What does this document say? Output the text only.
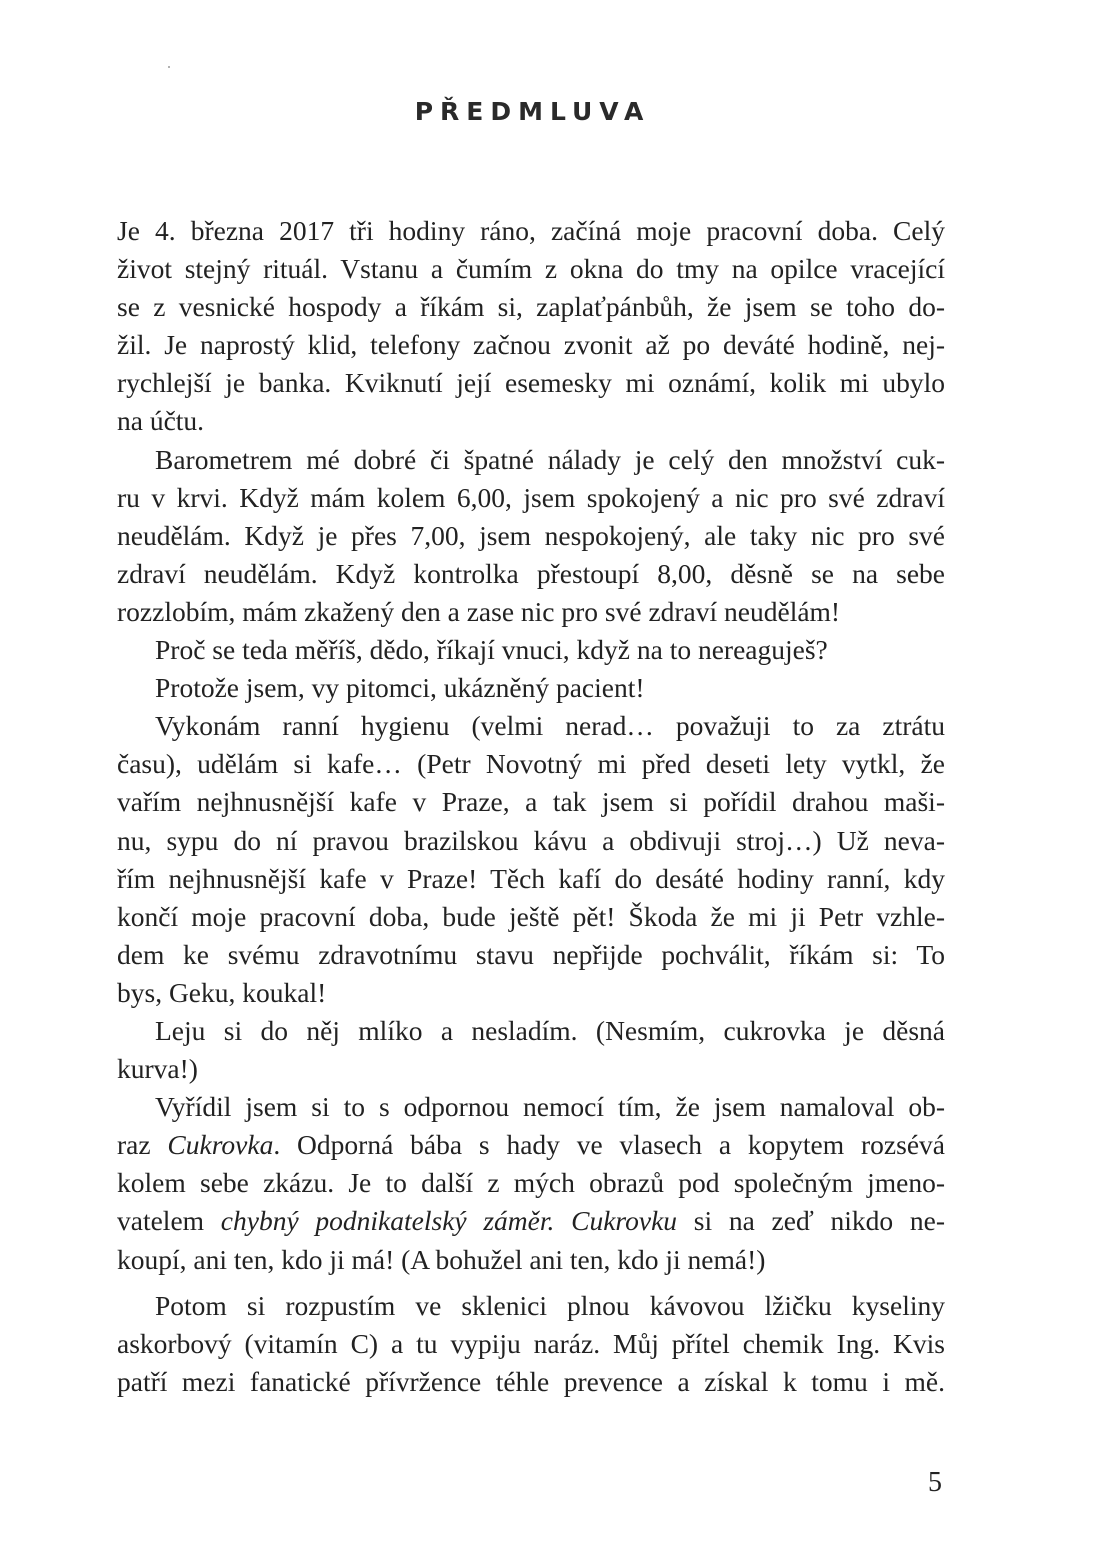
PŘEDMLUVA
Je 4. března 2017 tři hodiny ráno, začíná moje pracovní doba. Celý
život stejný rituál. Vstanu a čumím z okna do tmy na opilce vracející
se z vesnické hospody a říkám si, zaplaťpánbůh, že jsem se toho do-
žil. Je naprostý klid, telefony začnou zvonit až po deváté hodině, nej-
rychlejší je banka. Kviknutí její esemesky mi oznámí, kolik mi ubylo
na účtu.
Barometrem mé dobré či špatné nálady je celý den množství cuk-
ru v krvi. Když mám kolem 6,00, jsem spokojený a nic pro své zdraví
neudělám. Když je přes 7,00, jsem nespokojený, ale taky nic pro své
zdraví neudělám. Když kontrolka přestoupí 8,00, děsně se na sebe
rozzlobím, mám zkažený den a zase nic pro své zdraví neudělám!
Proč se teda měříš, dědo, říkají vnuci, když na to nereaguješ?
Protože jsem, vy pitomci, ukázněný pacient!
Vykonám ranní hygienu (velmi nerad… považuji to za ztrátu
času), udělám si kafe… (Petr Novotný mi před deseti lety vytkl, že
vařím nejhnusnější kafe v Praze, a tak jsem si pořídil drahou maši-
nu, sypu do ní pravou brazilskou kávu a obdivuji stroj…) Už neva-
řím nejhnusnější kafe v Praze! Těch kafí do desáté hodiny ranní, kdy
končí moje pracovní doba, bude ještě pět! Škoda že mi ji Petr vzhle-
dem ke svému zdravotnímu stavu nepřijde pochválit, říkám si: To
bys, Geku, koukal!
Leju si do něj mlíko a nesladím. (Nesmím, cukrovka je děsná
kurva!)
Vyřídil jsem si to s odpornou nemocí tím, že jsem namaloval ob-
raz Cukrovka. Odporná bába s hady ve vlasech a kopytem rozsévá
kolem sebe zkázu. Je to další z mých obrazů pod společným jmeno-
vatelem chybný podnikatelský záměr. Cukrovku si na zeď nikdo ne-
koupí, ani ten, kdo ji má! (A bohužel ani ten, kdo ji nemá!)
Potom si rozpustím ve sklenici plnou kávovou lžičku kyseliny
askorbový (vitamín C) a tu vypiju naráz. Můj přítel chemik Ing. Kvis
patří mezi fanatické přívržence téhle prevence a získal k tomu i mě.
5
